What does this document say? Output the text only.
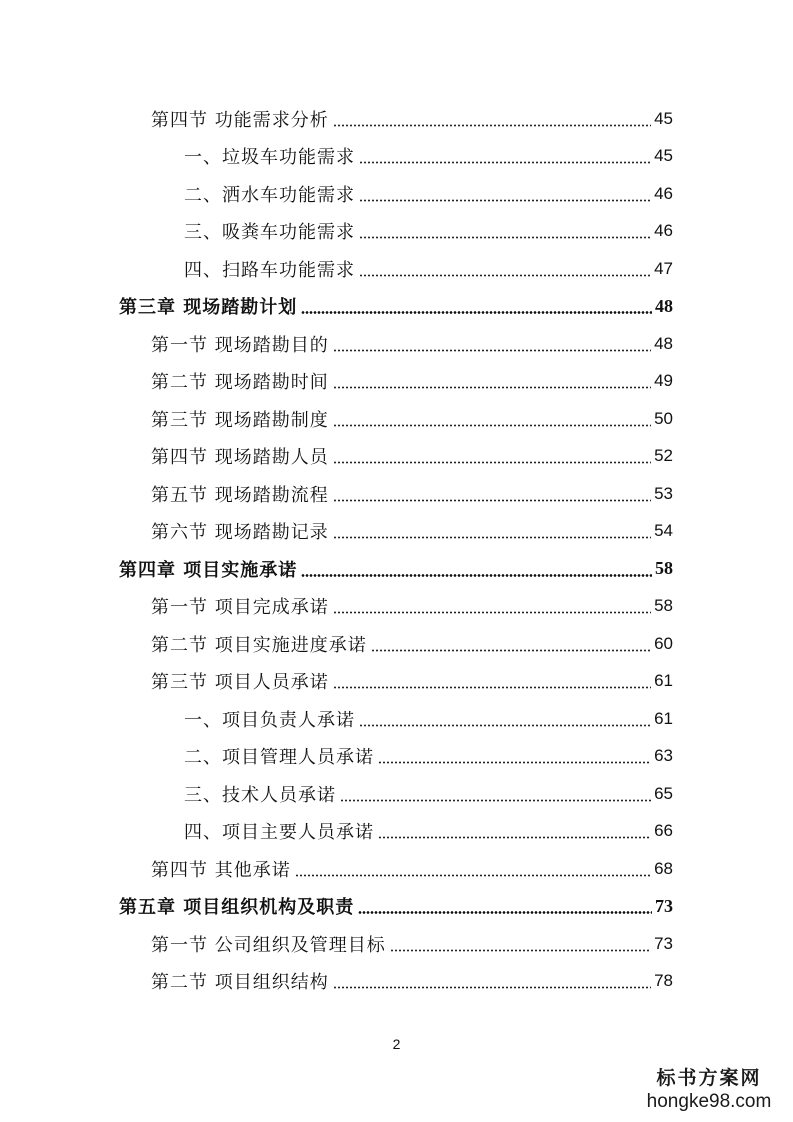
第四节 功能需求分析	45
一、垃圾车功能需求	45
二、洒水车功能需求	46
三、吸粪车功能需求	46
四、扫路车功能需求	47
第三章 现场踏勘计划	48
第一节 现场踏勘目的	48
第二节 现场踏勘时间	49
第三节 现场踏勘制度	50
第四节 现场踏勘人员	52
第五节 现场踏勘流程	53
第六节 现场踏勘记录	54
第四章 项目实施承诺	58
第一节 项目完成承诺	58
第二节 项目实施进度承诺	60
第三节 项目人员承诺	61
一、项目负责人承诺	61
二、项目管理人员承诺	63
三、技术人员承诺	65
四、项目主要人员承诺	66
第四节 其他承诺	68
第五章 项目组织机构及职责	73
第一节 公司组织及管理目标	73
第二节 项目组织结构	78
2
标书方案网
hongke98.com
